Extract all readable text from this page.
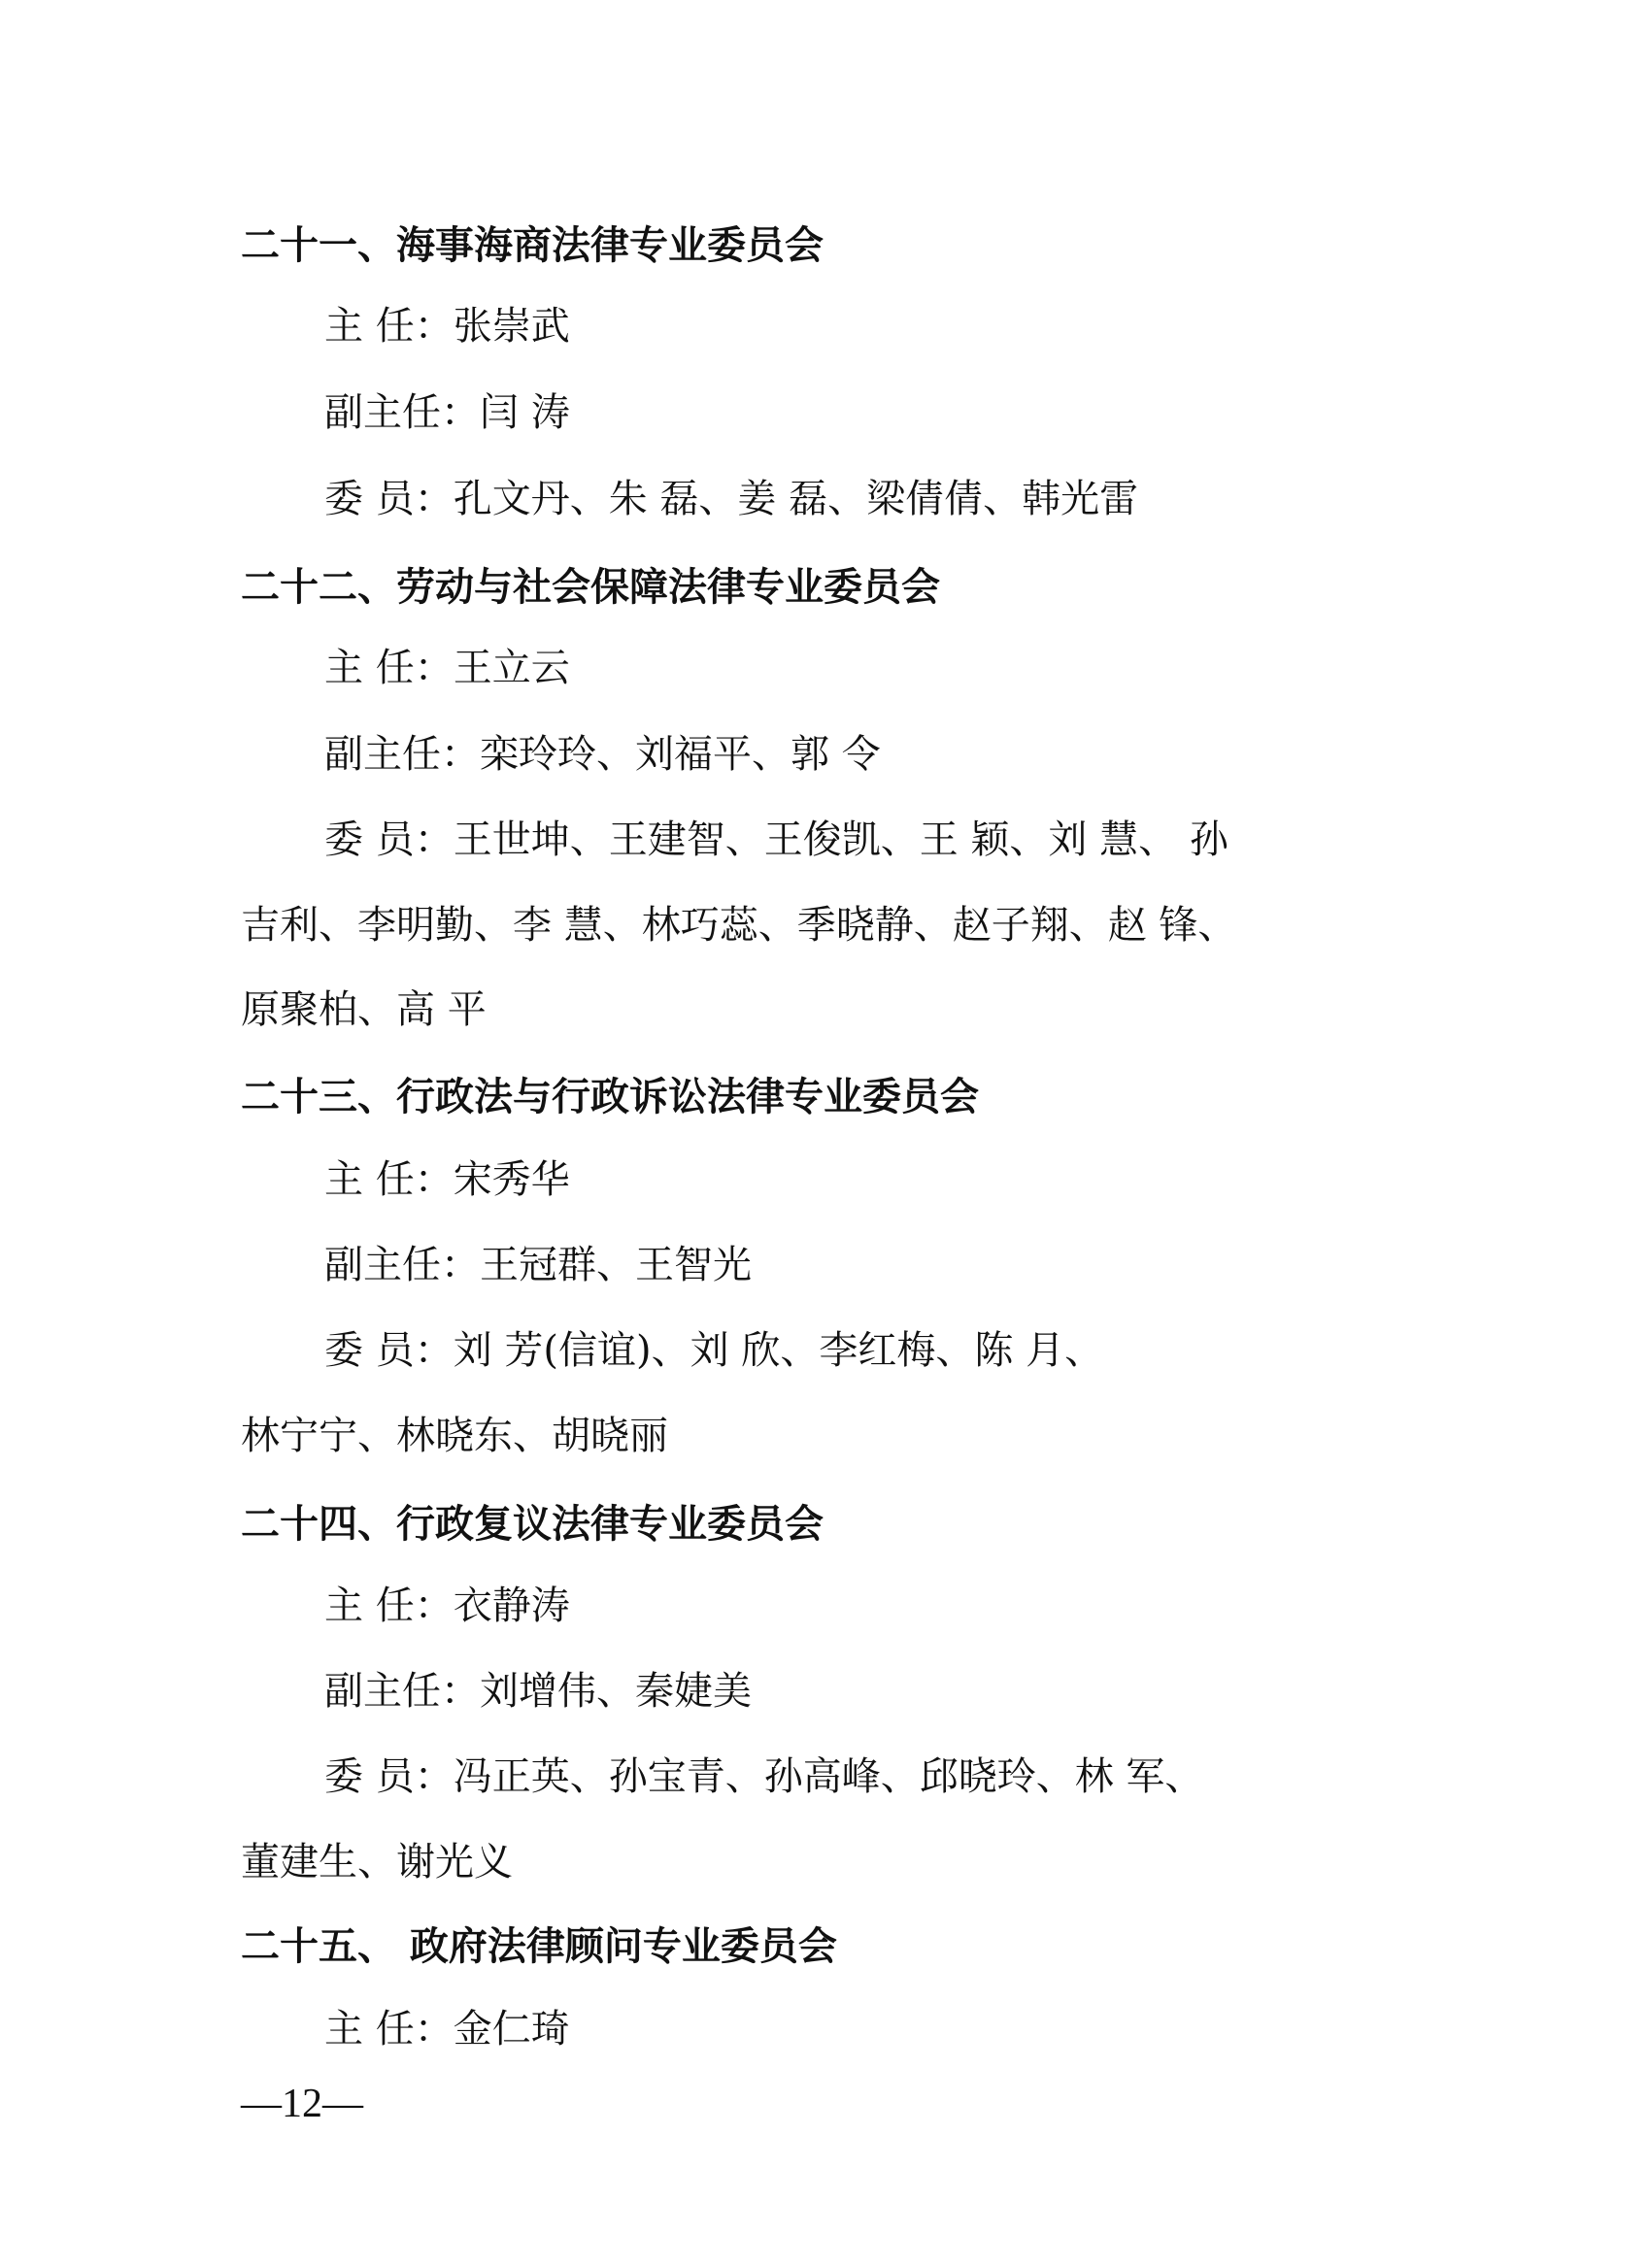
二十一、海事海商法律专业委员会
主 任：张崇武
副主任：闫 涛
委 员：孔文丹、朱 磊、姜 磊、梁倩倩、韩光雷
二十二、劳动与社会保障法律专业委员会
主 任：王立云
副主任：栾玲玲、刘福平、郭 令
委 员：王世坤、王建智、王俊凯、王 颖、刘 慧、 孙
吉利、李明勤、李 慧、林巧蕊、季晓静、赵子翔、赵 锋、
原聚柏、高 平
二十三、行政法与行政诉讼法律专业委员会
主 任：宋秀华
副主任：王冠群、王智光
委 员：刘 芳(信谊)、刘 欣、李红梅、陈 月、
林宁宁、林晓东、胡晓丽
二十四、行政复议法律专业委员会
主 任：衣静涛
副主任：刘增伟、秦婕美
委 员：冯正英、孙宝青、孙高峰、邱晓玲、林 军、
董建生、谢光义
二十五、 政府法律顾问专业委员会
主 任：金仁琦
—12—
